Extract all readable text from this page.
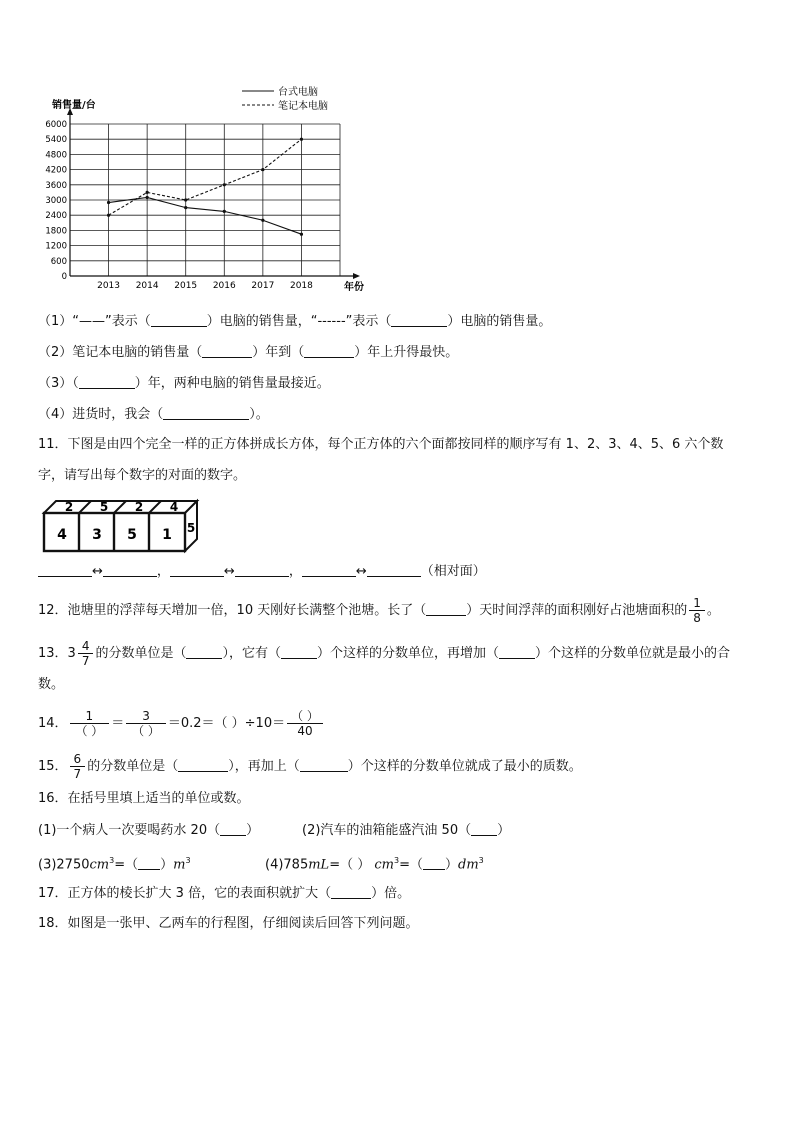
0
600
1200
1800
2400
3000
3600
4200
4800
5400
6000
2013 2014 2015 2016 2017 2018
销售量/台
年份
台式电脑
笔记本电脑
（1）“——”表示（	）电脑的销售量，“------”表示（	）电脑的销售量。
（2）笔记本电脑的销售量（	）年到（	）年上升得最快。
（3）（	）年，两种电脑的销售量最接近。
（4）进货时，我会（	）。
11．下图是由四个完全一样的正方体拼成长方体，每个正方体的六个面都按同样的顺序写有 1、2、3、4、5、6 六个数
字，请写出每个数字的对面的数字。
4 3 5 1
2 5 2 4
5
↔	，	↔	，	↔	（相对面）
12．池塘里的浮萍每天增加一倍，10 天刚好长满整个池塘。长了（	）天时间浮萍的面积刚好占池塘面积的 $\frac{1}{8}$ 。
13．$3 \frac{4}{7}$ 的分数单位是（	），它有（	）个这样的分数单位，再增加（	）个这样的分数单位就是最小的合
数。
14． $\frac{1}{( )} = \frac{3}{( )} =0.2=$（ ）$\div 10= \frac{( )}{40}$
15． $\frac{6}{7}$ 的分数单位是（	），再加上（	）个这样的分数单位就成了最小的质数。
16．在括号里填上适当的单位或数。
(1)一个病人一次要喝药水 20（ ）	(2)汽车的油箱能盛汽油 50（ ）
$(3)2750cm^3=$（ ）$m^3$	(4)785mL=（ ） $cm^3=$（ ）$dm^3$
17．正方体的棱长扩大 3 倍，它的表面积就扩大（	）倍。
18．如图是一张甲、乙两车的行程图，仔细阅读后回答下列问题。
